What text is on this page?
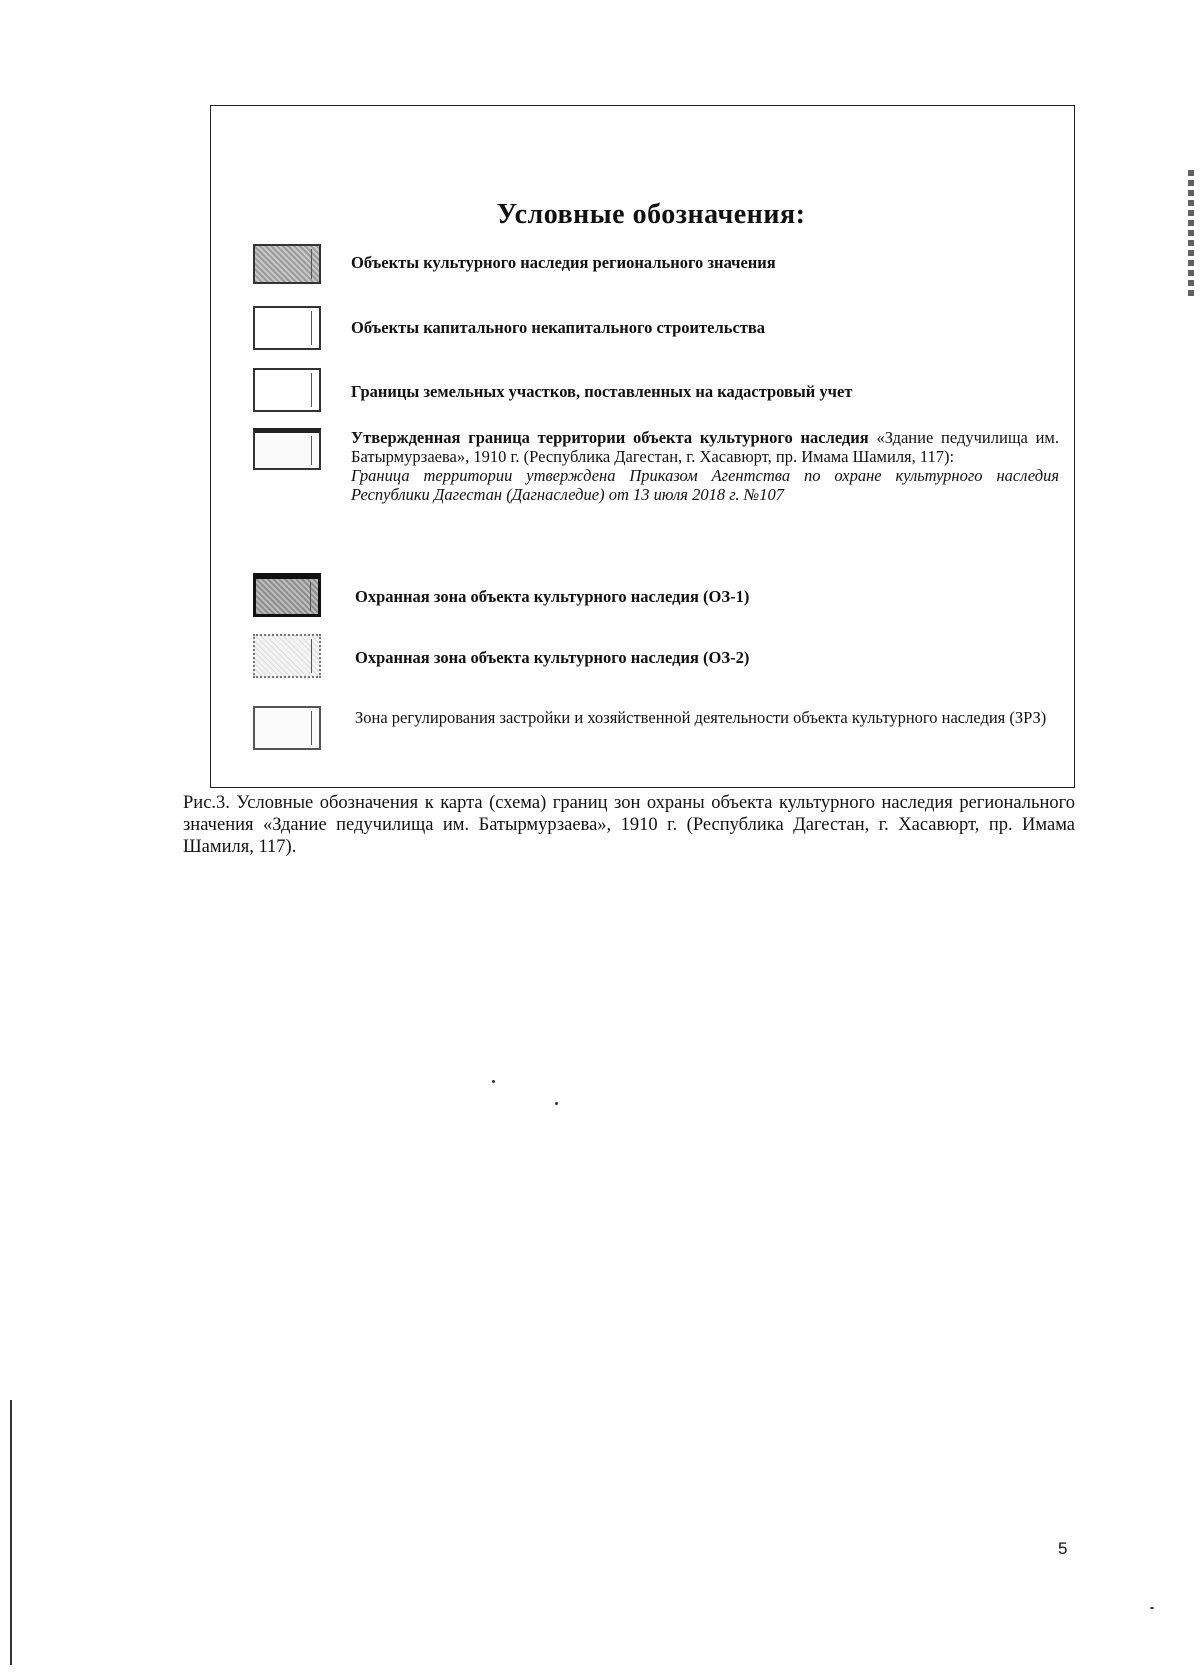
Условные обозначения:
Объекты культурного наследия регионального значения
Объекты капитального некапитального строительства
Границы земельных участков, поставленных на кадастровый учет
Утвержденная граница территории объекта культурного наследия «Здание педучилища им. Батырмурзаева», 1910 г. (Республика Дагестан, г. Хасавюрт, пр. Имама Шамиля, 117):
Граница территории утверждена Приказом Агентства по охране культурного наследия Республики Дагестан (Дагнаследие) от 13 июля 2018 г. №107
Охранная зона объекта культурного наследия (ОЗ-1)
Охранная зона объекта культурного наследия (ОЗ-2)
Зона регулирования застройки и хозяйственной деятельности объекта культурного наследия (ЗРЗ)
Рис.3. Условные обозначения к карта (схема) границ зон охраны объекта культурного наследия регионального значения «Здание педучилища им. Батырмурзаева», 1910 г. (Республика Дагестан, г. Хасавюрт, пр. Имама Шамиля, 117).
5
